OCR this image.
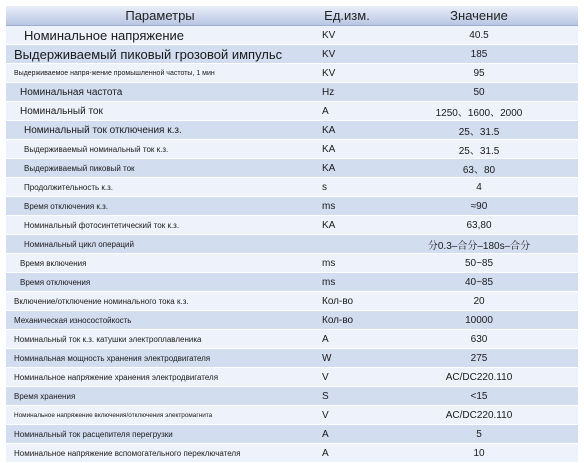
Параметры	Ед.изм.	Значение
Номинальное напряжение	KV	40.5
Выдерживаемый пиковый грозовой импульс	KV	185
Выдерживаемое напря-жение промышленной частоты, 1 мин	KV	95
Номинальная частота	Hz	50
Номинальный ток	A	1250、1600、2000
Номинальный ток отключения к.з.	KA	25、31.5
Выдерживаемый номинальный ток к.з.	KA	25、31.5
Выдерживаемый пиковый ток	KA	63、80
Продолжительность к.з.	s	4
Время отключения к.з.	ms	≈90
Номинальный фотосинтетический ток к.з.	KA	63,80
Номинальный цикл операций		分0.3–合分–180s–合分
Время включения	ms	50~85
Время отключения	ms	40~85
Включение/отключение номинального тока к.з.	Кол-во	20
Механическая износостойкость	Кол-во	10000
Номинальный ток к.з. катушки электроплавленика	A	630
Номинальная мощность хранения электродвигателя	W	275
Номинальное напряжение хранения электродвигателя	V	AC/DC220.110
Время хранения	S	<15
Номинальное напряжение включения/отключения электромагнита	V	AC/DC220.110
Номинальный ток расцепителя перегрузки	A	5
Номинальное напряжение вспомогательного переключателя	A	10
